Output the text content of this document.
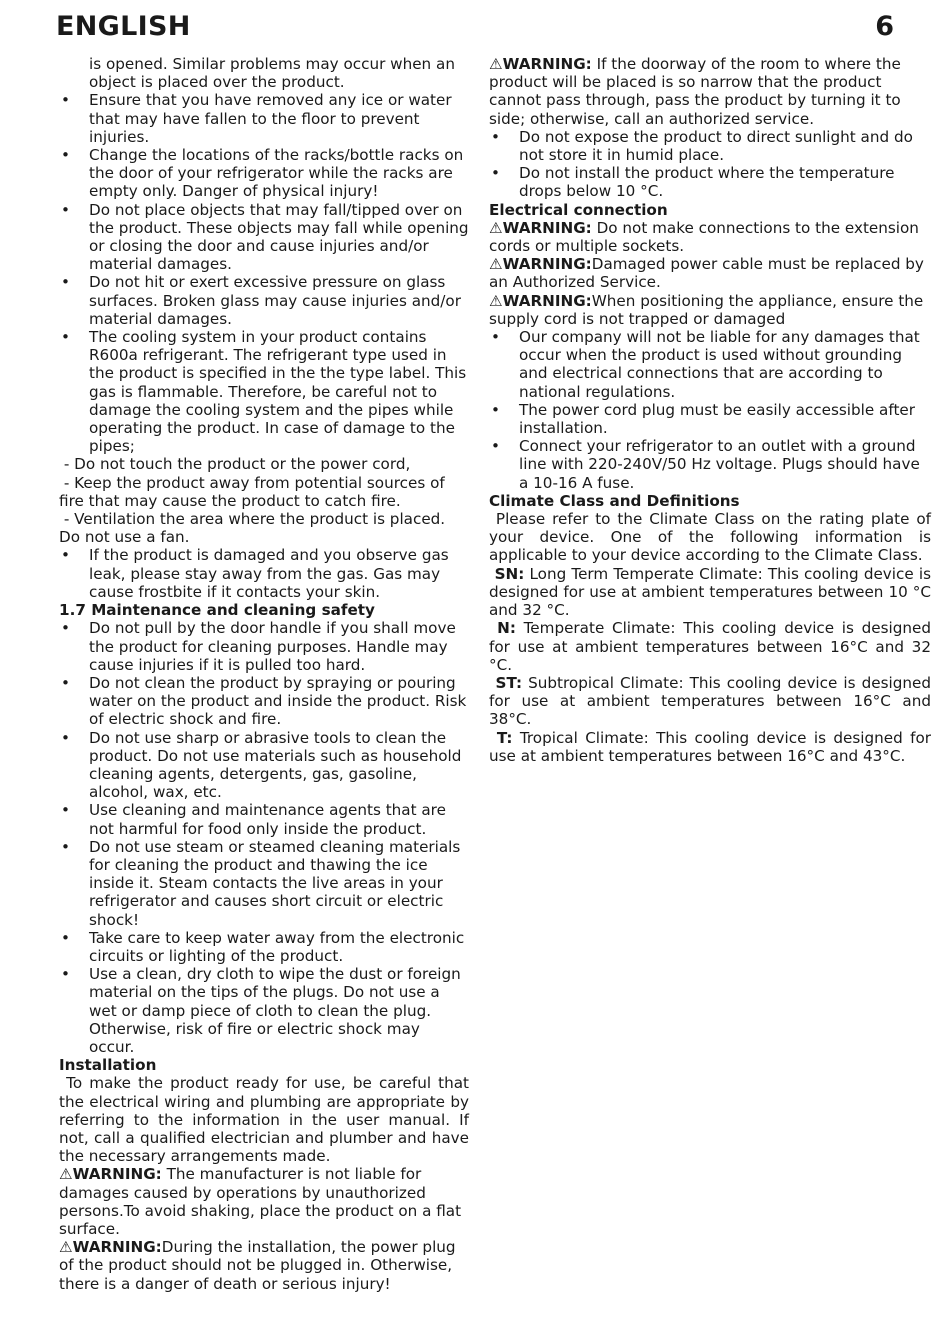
ENGLISH	6

is opened. Similar problems may occur when an object is placed over the product.

• Ensure that you have removed any ice or water that may have fallen to the floor to prevent injuries.

• Change the locations of the racks/bottle racks on the door of your refrigerator while the racks are empty only. Danger of physical injury!

• Do not place objects that may fall/tipped over on the product. These objects may fall while opening or closing the door and cause injuries and/or material damages.

• Do not hit or exert excessive pressure on glass surfaces. Broken glass may cause injuries and/or material damages.

• The cooling system in your product contains R600a refrigerant. The refrigerant type used in the product is specified in the the type label. This gas is flammable. Therefore, be careful not to damage the cooling system and the pipes while operating the product. In case of damage to the pipes;

- Do not touch the product or the power cord,

- Keep the product away from potential sources of fire that may cause the product to catch fire.

- Ventilation the area where the product is placed. Do not use a fan.

• If the product is damaged and you observe gas leak, please stay away from the gas. Gas may cause frostbite if it contacts your skin.

1.7 Maintenance and cleaning safety

• Do not pull by the door handle if you shall move the product for cleaning purposes. Handle may cause injuries if it is pulled too hard.

• Do not clean the product by spraying or pouring water on the product and inside the product. Risk of electric shock and fire.

• Do not use sharp or abrasive tools to clean the product. Do not use materials such as household cleaning agents, detergents, gas, gasoline, alcohol, wax, etc.

• Use cleaning and maintenance agents that are not harmful for food only inside the product.

• Do not use steam or steamed cleaning materials for cleaning the product and thawing the ice inside it. Steam contacts the live areas in your refrigerator and causes short circuit or electric shock!

• Take care to keep water away from the electronic circuits or lighting of the product.

• Use a clean, dry cloth to wipe the dust or foreign material on the tips of the plugs. Do not use a wet or damp piece of cloth to clean the plug. Otherwise, risk of fire or electric shock may occur.

Installation

To make the product ready for use, be careful that the electrical wiring and plumbing are appropriate by referring to the information in the user manual. If not, call a qualified electrician and plumber and have the necessary arrangements made.

⚠WARNING: The manufacturer is not liable for damages caused by operations by unauthorized persons.To avoid shaking, place the product on a flat surface.

⚠WARNING:During the installation, the power plug of the product should not be plugged in. Otherwise, there is a danger of death or serious injury!

⚠WARNING: If the doorway of the room to where the product will be placed is so narrow that the product cannot pass through, pass the product by turning it to side; otherwise, call an authorized service.

• Do not expose the product to direct sunlight and do not store it in humid place.

• Do not install the product where the temperature drops below 10 °C.

Electrical connection

⚠WARNING: Do not make connections to the extension cords or multiple sockets.

⚠WARNING:Damaged power cable must be replaced by an Authorized Service.

⚠WARNING:When positioning the appliance, ensure the supply cord is not trapped or damaged

• Our company will not be liable for any damages that occur when the product is used without grounding and electrical connections that are according to national regulations.

• The power cord plug must be easily accessible after installation.

• Connect your refrigerator to an outlet with a ground line with 220-240V/50 Hz voltage. Plugs should have a 10-16 A fuse.

Climate Class and Definitions

Please refer to the Climate Class on the rating plate of your device. One of the following information is applicable to your device according to the Climate Class.

SN: Long Term Temperate Climate: This cooling device is designed for use at ambient temperatures between 10 °C and 32 °C.

N: Temperate Climate: This cooling device is designed for use at ambient temperatures between 16°C and 32 °C.

ST: Subtropical Climate: This cooling device is designed for use at ambient temperatures between 16°C and 38°C.

T: Tropical Climate: This cooling device is designed for use at ambient temperatures between 16°C and 43°C.
